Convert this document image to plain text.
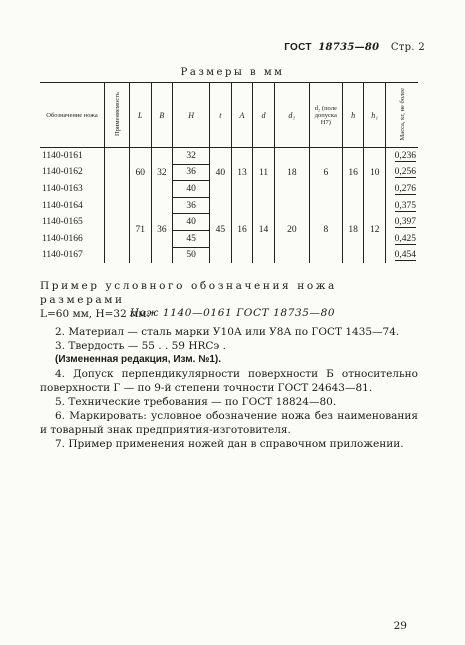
ГОСТ 18735—80 Стр. 2
Размеры в мм
Обозначение ножа	Применяемость	L	B	H	t	A	d	d₁	d₂ (поле допуска H7)	h	h₁	Масса, кг, не более
1140-0161		60	32	32	40	13	11	18	6	16	10	0,236
1140-0162				36								0,256
1140-0163				40								0,276
1140-0164		71	36	36	45	16	14	20	8	18	12	0,375
1140-0165				40								0,397
1140-0166				45								0,425
1140-0167				50								0,454
Пример условного обозначения ножа размерами
L=60 мм, H=32 мм:
Нож 1140—0161 ГОСТ 18735—80

2. Материал — сталь марки У10А или У8А по ГОСТ 1435—74.

3. Твердость — 55 . . 59 HRCэ .

(Измененная редакция, Изм. №1).

4. Допуск перпендикулярности поверхности Б относительно поверхности Г — по 9-й степени точности ГОСТ 24643—81.

5. Технические требования — по ГОСТ 18824—80.

6. Маркировать: условное обозначение ножа без наименования и товарный знак предприятия-изготовителя.

7. Пример применения ножей дан в справочном приложении.

29
